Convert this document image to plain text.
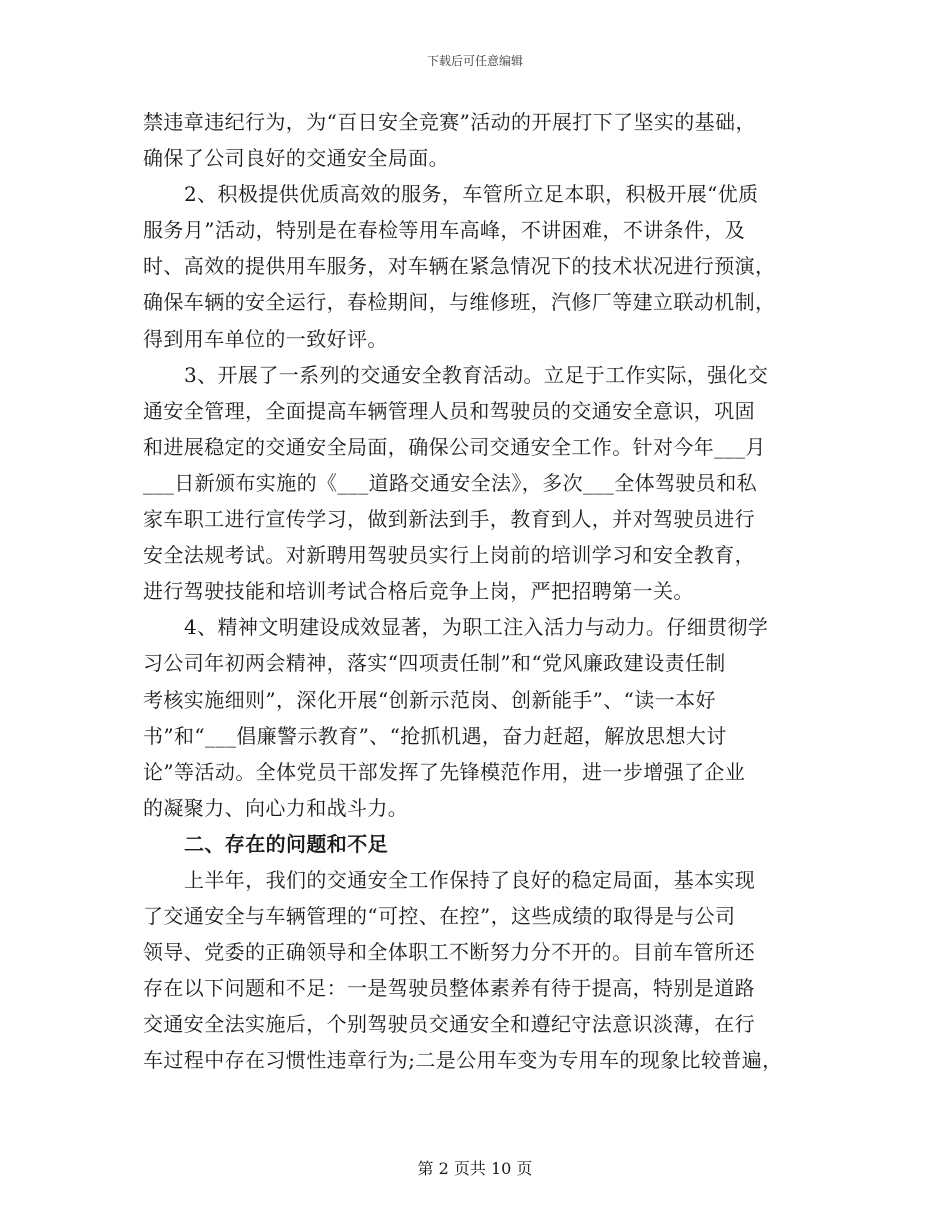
下载后可任意编辑

禁违章违纪行为，为“百日安全竞赛”活动的开展打下了坚实的基础，

确保了公司良好的交通安全局面。

2、积极提供优质高效的服务，车管所立足本职，积极开展“优质

服务月”活动，特别是在春检等用车高峰，不讲困难，不讲条件，及

时、高效的提供用车服务，对车辆在紧急情况下的技术状况进行预演，

确保车辆的安全运行，春检期间，与维修班，汽修厂等建立联动机制，

得到用车单位的一致好评。

3、开展了一系列的交通安全教育活动。立足于工作实际，强化交

通安全管理，全面提高车辆管理人员和驾驶员的交通安全意识，巩固

和进展稳定的交通安全局面，确保公司交通安全工作。针对今年___月

___日新颁布实施的《___道路交通安全法》，多次___全体驾驶员和私

家车职工进行宣传学习，做到新法到手，教育到人，并对驾驶员进行

安全法规考试。对新聘用驾驶员实行上岗前的培训学习和安全教育，

进行驾驶技能和培训考试合格后竞争上岗，严把招聘第一关。

4、精神文明建设成效显著，为职工注入活力与动力。仔细贯彻学

习公司年初两会精神，落实“四项责任制”和“党风廉政建设责任制

考核实施细则”，深化开展“创新示范岗、创新能手”、“读一本好

书”和“___倡廉警示教育”、“抢抓机遇，奋力赶超，解放思想大讨

论”等活动。全体党员干部发挥了先锋模范作用，进一步增强了企业

的凝聚力、向心力和战斗力。

二、存在的问题和不足

上半年，我们的交通安全工作保持了良好的稳定局面，基本实现

了交通安全与车辆管理的“可控、在控”，这些成绩的取得是与公司

领导、党委的正确领导和全体职工不断努力分不开的。目前车管所还

存在以下问题和不足：一是驾驶员整体素养有待于提高，特别是道路

交通安全法实施后，个别驾驶员交通安全和遵纪守法意识淡薄，在行

车过程中存在习惯性违章行为;二是公用车变为专用车的现象比较普遍，

第 2 页共 10 页
